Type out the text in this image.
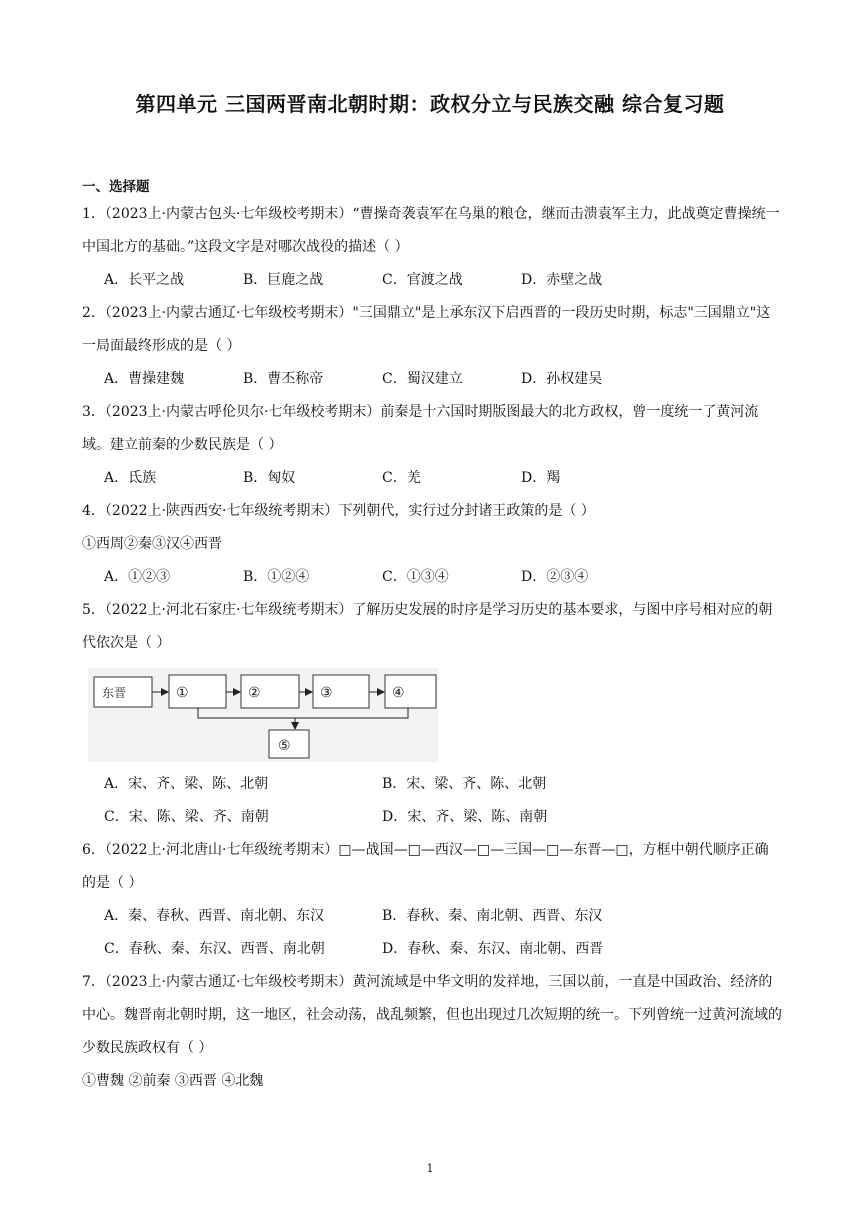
第四单元 三国两晋南北朝时期：政权分立与民族交融 综合复习题
一、选择题

1．（2023上·内蒙古包头·七年级校考期末）“曹操奇袭袁军在乌巢的粮仓，继而击溃袁军主力，此战奠定曹操统一中国北方的基础。”这段文字是对哪次战役的描述（ ）

A．长平之战	B．巨鹿之战	C．官渡之战	D．赤壁之战

2．（2023上·内蒙古通辽·七年级校考期末）"三国鼎立"是上承东汉下启西晋的一段历史时期，标志"三国鼎立"这一局面最终形成的是（ ）

A．曹操建魏	B．曹丕称帝	C．蜀汉建立	D．孙权建吴

3．（2023上·内蒙古呼伦贝尔·七年级校考期末）前秦是十六国时期版图最大的北方政权，曾一度统一了黄河流域。建立前秦的少数民族是（ ）

A．氐族	B．匈奴	C．羌	D．羯

4．（2022上·陕西西安·七年级统考期末）下列朝代，实行过分封诸王政策的是（ ）

①西周②秦③汉④西晋

A．①②③	B．①②④	C．①③④	D．②③④

5．（2022上·河北石家庄·七年级统考期末）了解历史发展的时序是学习历史的基本要求，与图中序号相对应的朝代依次是（ ）

东晋	①	②	③	④
⑤
A．宋、齐、梁、陈、北朝	B．宋、梁、齐、陈、北朝
C．宋、陈、梁、齐、南朝	D．宋、齐、梁、陈、南朝

6．（2022上·河北唐山·七年级统考期末）□—战国—□—西汉—□—三国—□—东晋—□，方框中朝代顺序正确的是（ ）

A．秦、春秋、西晋、南北朝、东汉	B．春秋、秦、南北朝、西晋、东汉
C．春秋、秦、东汉、西晋、南北朝	D．春秋、秦、东汉、南北朝、西晋

7．（2023上·内蒙古通辽·七年级校考期末）黄河流域是中华文明的发祥地，三国以前，一直是中国政治、经济的中心。魏晋南北朝时期，这一地区，社会动荡，战乱频繁，但也出现过几次短期的统一。下列曾统一过黄河流域的少数民族政权有（ ）

①曹魏 ②前秦 ③西晋 ④北魏

1
